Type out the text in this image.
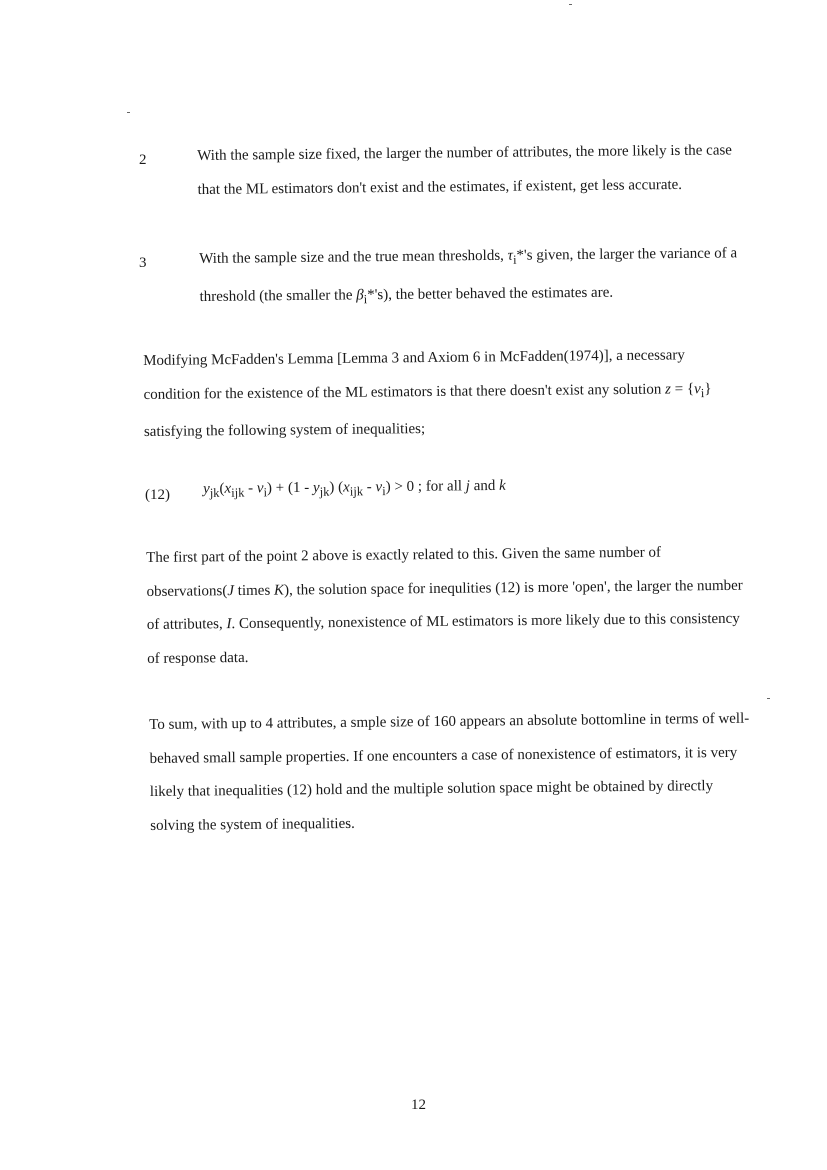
2	With the sample size fixed, the larger the number of attributes, the more likely is the case that the ML estimators don't exist and the estimates, if existent, get less accurate.

3	With the sample size and the true mean thresholds, $\tau_i*'s$ given, the larger the variance of a threshold (the smaller the $\beta_i*'s$), the better behaved the estimates are.

Modifying McFadden's Lemma [Lemma 3 and Axiom 6 in McFadden(1974)], a necessary condition for the existence of the ML estimators is that there doesn't exist any solution $z = \{v_i\}$ satisfying the following system of inequalities;

(12) $y_{jk}(x_{ijk} - v_i) + (1 - y_{jk})$ $(x_{ijk} - v_i) > 0$ ; for all j and k

The first part of the point 2 above is exactly related to this. Given the same number of observations(J times K), the solution space for inequlities (12) is more 'open', the larger the number of attributes, I. Consequently, nonexistence of ML estimators is more likely due to this consistency of response data.

To sum, with up to 4 attributes, a smple size of 160 appears an absolute bottomline in terms of well-behaved small sample properties. If one encounters a case of nonexistence of estimators, it is very likely that inequalities (12) hold and the multiple solution space might be obtained by directly solving the system of inequalities.

12
